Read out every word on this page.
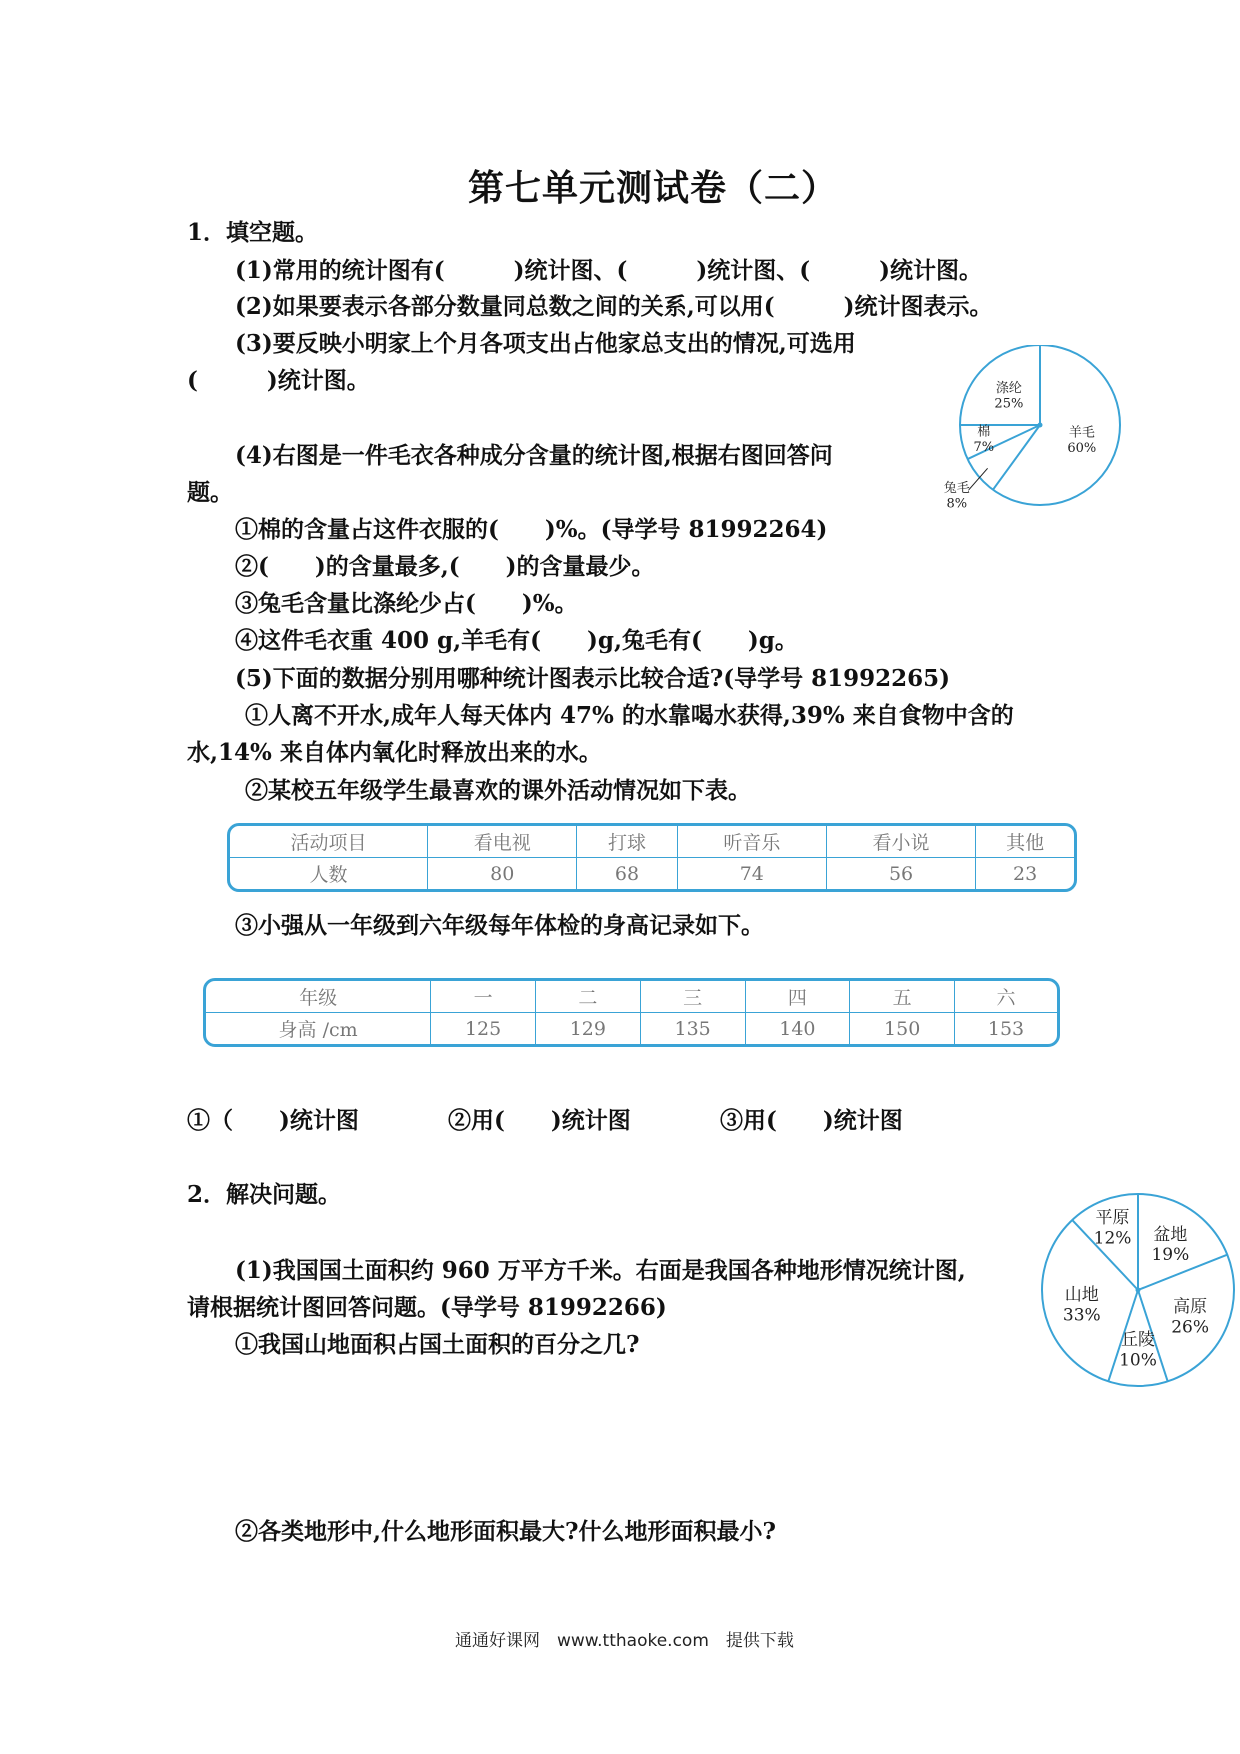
第七单元测试卷（二）
1．填空题。
(1)常用的统计图有(　　　)统计图、(　　　)统计图、(　　　)统计图。
(2)如果要表示各部分数量同总数之间的关系,可以用(　　　)统计图表示。
(3)要反映小明家上个月各项支出占他家总支出的情况,可选用
(　　　)统计图。
(4)右图是一件毛衣各种成分含量的统计图,根据右图回答问
题。
①棉的含量占这件衣服的(　　)%。(导学号 81992264)
②(　　)的含量最多,(　　)的含量最少。
③兔毛含量比涤纶少占(　　)%。
④这件毛衣重 400 g,羊毛有(　　)g,兔毛有(　　)g。
(5)下面的数据分别用哪种统计图表示比较合适?(导学号 81992265)
①人离不开水,成年人每天体内 47% 的水靠喝水获得,39% 来自食物中含的
水,14% 来自体内氧化时释放出来的水。
②某校五年级学生最喜欢的课外活动情况如下表。
活动项目	看电视	打球	听音乐	看小说	其他
人数	80	68	74	56	23
③小强从一年级到六年级每年体检的身高记录如下。
年级	一	二	三	四	五	六
身高 /cm	125	129	135	140	150	153
①（　　)统计图	②用(　　)统计图	③用(　　)统计图
2．解决问题。
(1)我国国土面积约 960 万平方千米。右面是我国各种地形情况统计图,
请根据统计图回答问题。(导学号 81992266)
①我国山地面积占国土面积的百分之几?
②各类地形中,什么地形面积最大?什么地形面积最小?
羊毛
60%
兔毛
8%
棉
7%
涤纶
25%
盆地
19%
高原
26%
丘陵
10%
山地
33%
平原
12%
通通好课网　www.tthaoke.com　提供下载
